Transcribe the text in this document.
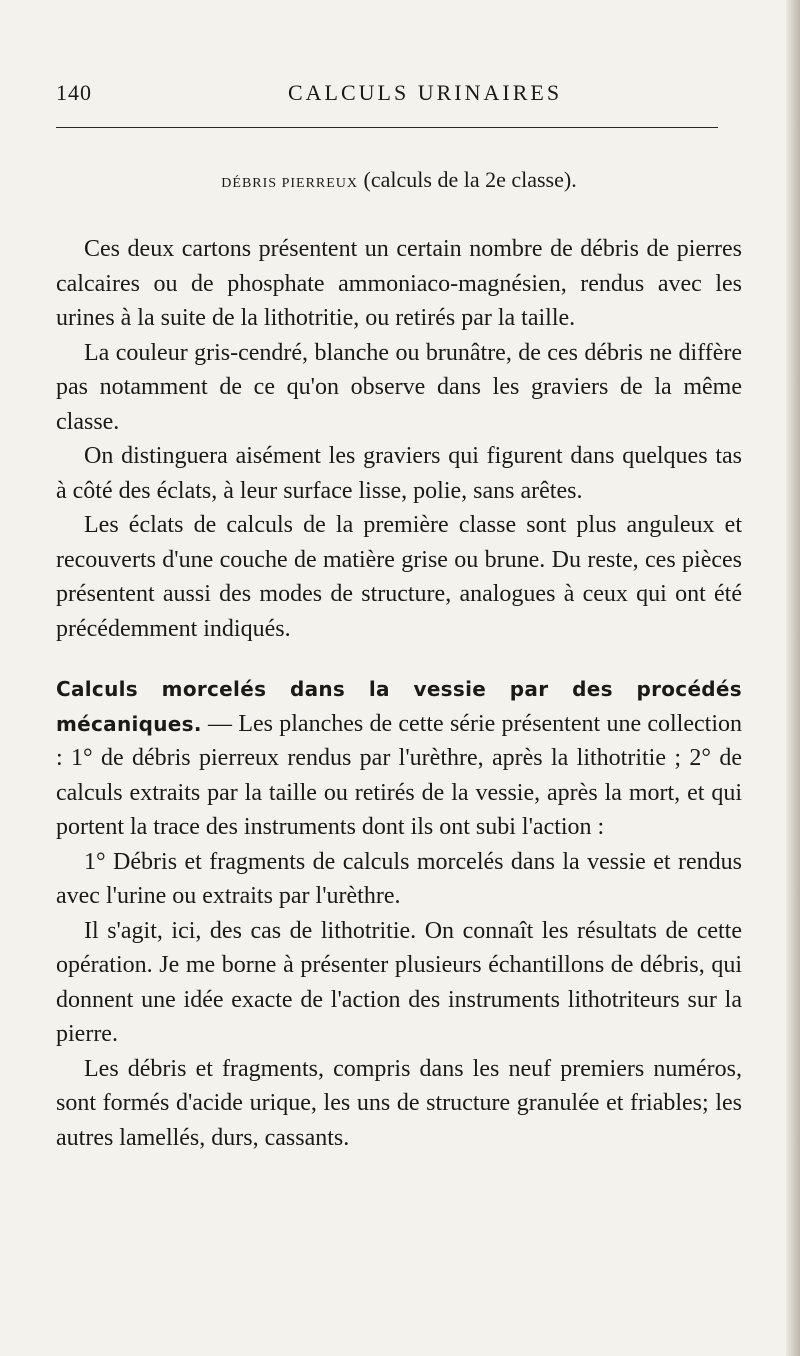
140	CALCULS URINAIRES
DÉBRIS PIERREUX (calculs de la 2e classe).

Ces deux cartons présentent un certain nombre de débris de pierres calcaires ou de phosphate ammoniaco-magnésien, rendus avec les urines à la suite de la lithotritie, ou retirés par la taille.

La couleur gris-cendré, blanche ou brunâtre, de ces débris ne diffère pas notamment de ce qu'on observe dans les graviers de la même classe.

On distinguera aisément les graviers qui figurent dans quelques tas à côté des éclats, à leur surface lisse, polie, sans arêtes.

Les éclats de calculs de la première classe sont plus anguleux et recouverts d'une couche de matière grise ou brune. Du reste, ces pièces présentent aussi des modes de structure, analogues à ceux qui ont été précédemment indiqués.

Calculs morcelés dans la vessie par des procédés mécaniques. — Les planches de cette série présentent une collection : 1° de débris pierreux rendus par l'urèthre, après la lithotritie ; 2° de calculs extraits par la taille ou retirés de la vessie, après la mort, et qui portent la trace des instruments dont ils ont subi l'action :

1° Débris et fragments de calculs morcelés dans la vessie et rendus avec l'urine ou extraits par l'urèthre.

Il s'agit, ici, des cas de lithotritie. On connaît les résultats de cette opération. Je me borne à présenter plusieurs échantillons de débris, qui donnent une idée exacte de l'action des instruments lithotriteurs sur la pierre.

Les débris et fragments, compris dans les neuf premiers numéros, sont formés d'acide urique, les uns de structure granulée et friables; les autres lamellés, durs, cassants.
